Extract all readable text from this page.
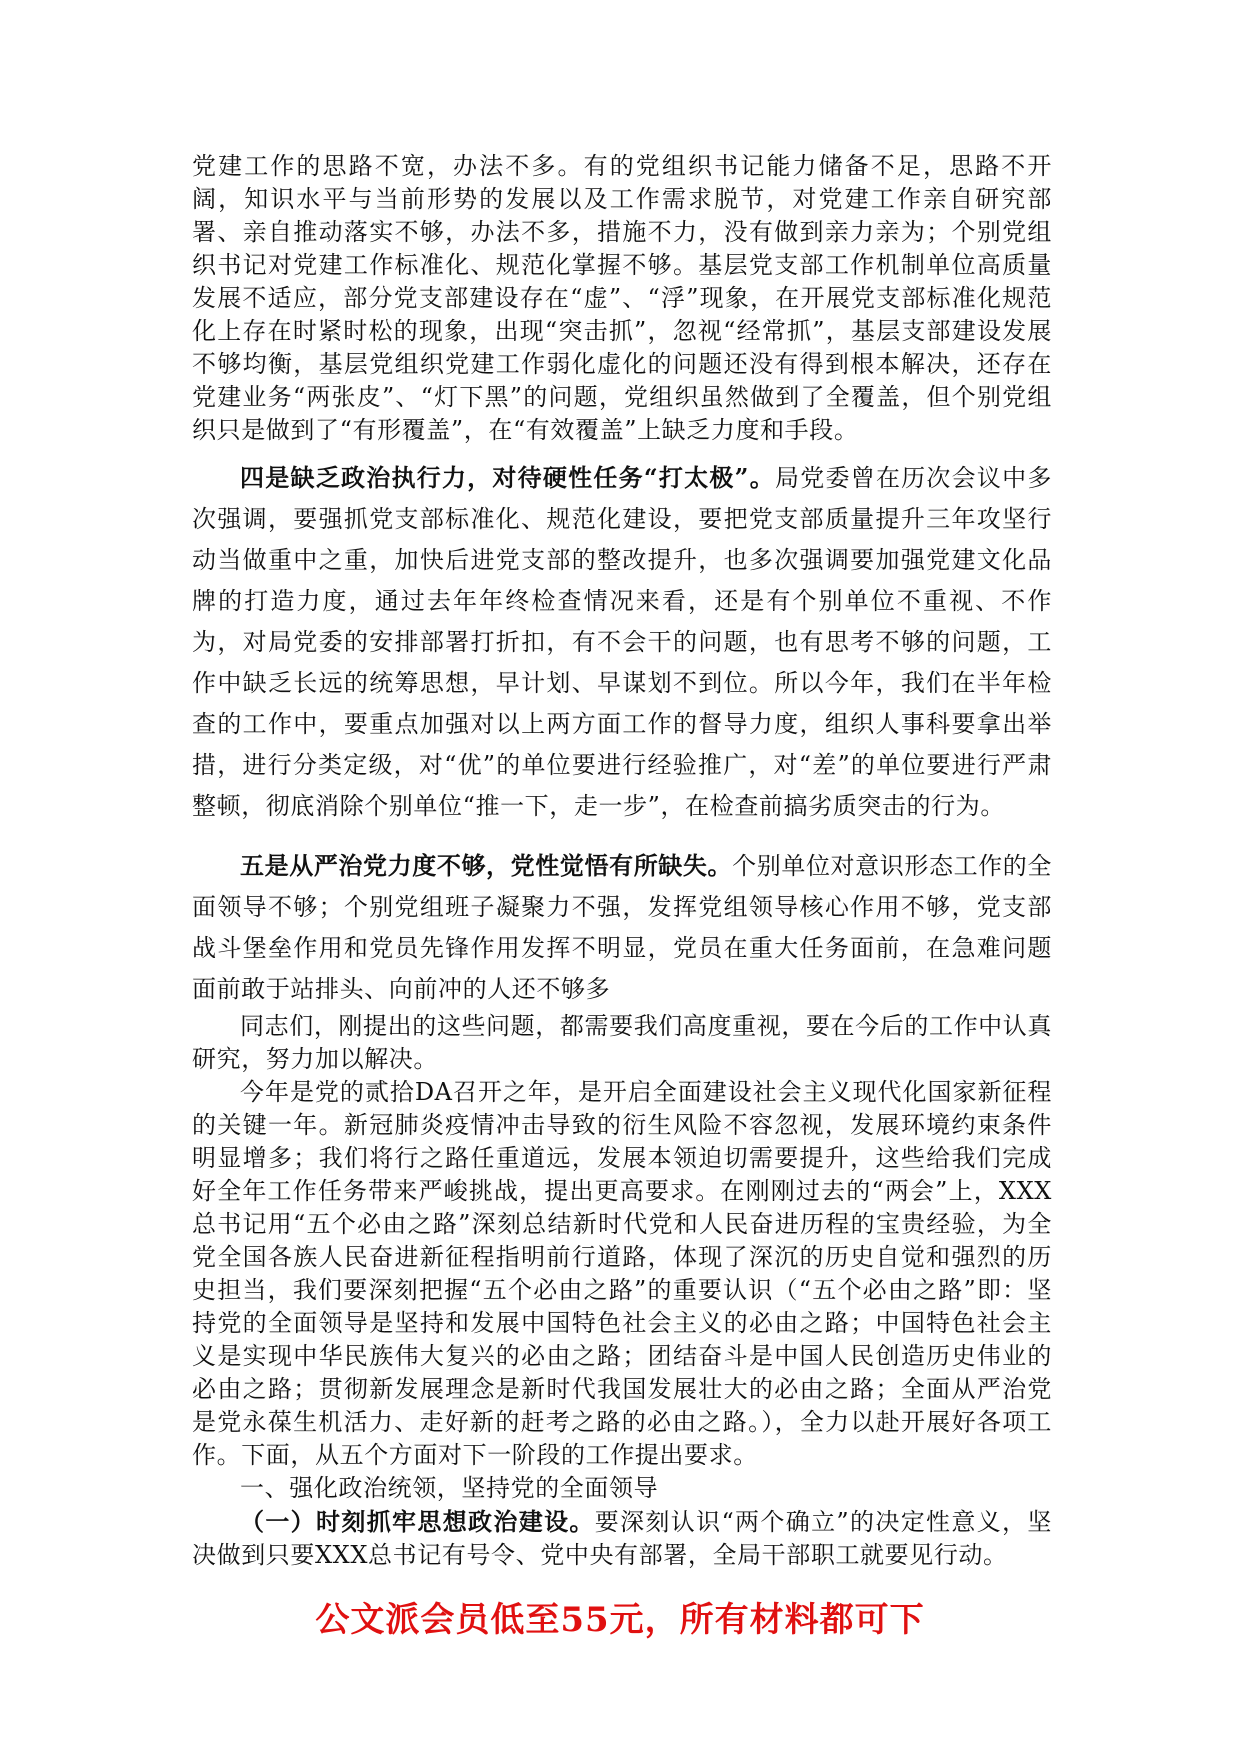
党建工作的思路不宽，办法不多。有的党组织书记能力储备不足，思路不开阔，知识水平与当前形势的发展以及工作需求脱节，对党建工作亲自研究部署、亲自推动落实不够，办法不多，措施不力，没有做到亲力亲为；个别党组织书记对党建工作标准化、规范化掌握不够。基层党支部工作机制单位高质量发展不适应，部分党支部建设存在“虚”、“浮”现象，在开展党支部标准化规范化上存在时紧时松的现象，出现“突击抓”，忽视“经常抓”，基层支部建设发展不够均衡，基层党组织党建工作弱化虚化的问题还没有得到根本解决，还存在党建业务“两张皮”、“灯下黑”的问题，党组织虽然做到了全覆盖，但个别党组织只是做到了“有形覆盖”，在“有效覆盖”上缺乏力度和手段。

四是缺乏政治执行力，对待硬性任务“打太极”。局党委曾在历次会议中多次强调，要强抓党支部标准化、规范化建设，要把党支部质量提升三年攻坚行动当做重中之重，加快后进党支部的整改提升，也多次强调要加强党建文化品牌的打造力度，通过去年年终检查情况来看，还是有个别单位不重视、不作为，对局党委的安排部署打折扣，有不会干的问题，也有思考不够的问题，工作中缺乏长远的统筹思想，早计划、早谋划不到位。所以今年，我们在半年检查的工作中，要重点加强对以上两方面工作的督导力度，组织人事科要拿出举措，进行分类定级，对“优”的单位要进行经验推广，对“差”的单位要进行严肃整顿，彻底消除个别单位“推一下，走一步”，在检查前搞劣质突击的行为。

五是从严治党力度不够，党性觉悟有所缺失。个别单位对意识形态工作的全面领导不够；个别党组班子凝聚力不强，发挥党组领导核心作用不够，党支部战斗堡垒作用和党员先锋作用发挥不明显，党员在重大任务面前，在急难问题面前敢于站排头、向前冲的人还不够多

同志们，刚提出的这些问题，都需要我们高度重视，要在今后的工作中认真研究，努力加以解决。

今年是党的贰拾DA召开之年，是开启全面建设社会主义现代化国家新征程的关键一年。新冠肺炎疫情冲击导致的衍生风险不容忽视，发展环境约束条件明显增多；我们将行之路任重道远，发展本领迫切需要提升，这些给我们完成好全年工作任务带来严峻挑战，提出更高要求。在刚刚过去的“两会”上，XXX总书记用“五个必由之路”深刻总结新时代党和人民奋进历程的宝贵经验，为全党全国各族人民奋进新征程指明前行道路，体现了深沉的历史自觉和强烈的历史担当，我们要深刻把握“五个必由之路”的重要认识（“五个必由之路”即：坚持党的全面领导是坚持和发展中国特色社会主义的必由之路；中国特色社会主义是实现中华民族伟大复兴的必由之路；团结奋斗是中国人民创造历史伟业的必由之路；贯彻新发展理念是新时代我国发展壮大的必由之路；全面从严治党是党永葆生机活力、走好新的赶考之路的必由之路。），全力以赴开展好各项工作。下面，从五个方面对下一阶段的工作提出要求。

一、强化政治统领，坚持党的全面领导

（一）时刻抓牢思想政治建设。要深刻认识“两个确立”的决定性意义，坚决做到只要XXX总书记有号令、党中央有部署，全局干部职工就要见行动。

公文派会员低至55元，所有材料都可下
